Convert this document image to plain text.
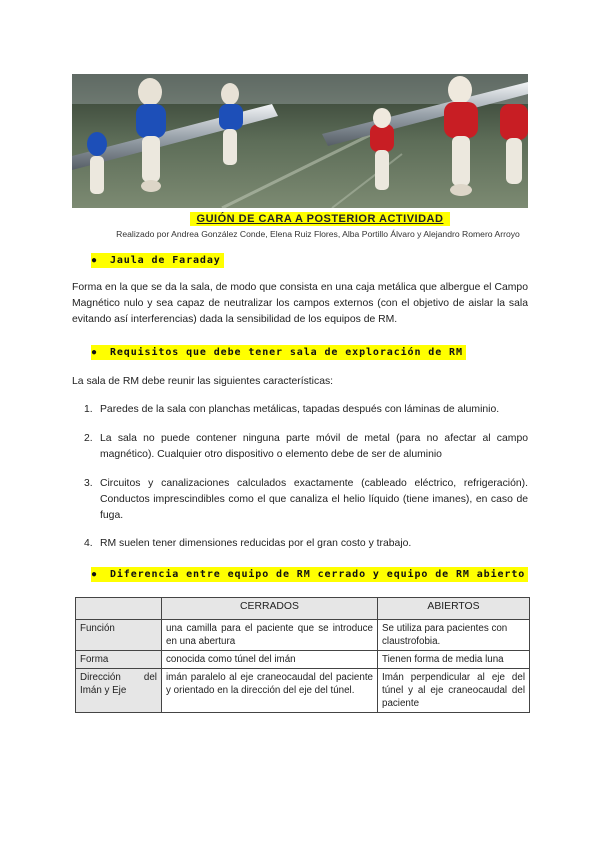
GUIÓN DE CARA A POSTERIOR ACTIVIDAD
Realizado por Andrea González Conde, Elena Ruiz Flores, Alba Portillo Álvaro y Alejandro Romero Arroyo
● Jaula de Faraday
Forma en la que se da la sala, de modo que consista en una caja metálica que albergue el Campo Magnético nulo y sea capaz de neutralizar los campos externos (con el objetivo de aislar la sala evitando así interferencias) dada la sensibilidad de los equipos de RM.
● Requisitos que debe tener sala de exploración de RM
La sala de RM debe reunir las siguientes características:
1. Paredes de la sala con planchas metálicas, tapadas después con láminas de aluminio.
2. La sala no puede contener ninguna parte móvil de metal (para no afectar al campo magnético). Cualquier otro dispositivo o elemento debe de ser de aluminio
3. Circuitos y canalizaciones calculados exactamente (cableado eléctrico, refrigeración). Conductos imprescindibles como el que canaliza el helio líquido (tiene imanes), en caso de fuga.
4. RM suelen tener dimensiones reducidas por el gran costo y trabajo.
● Diferencia entre equipo de RM cerrado y equipo de RM abierto
	CERRADOS	ABIERTOS
Función	una camilla para el paciente que se introduce en una abertura	Se utiliza para pacientes con claustrofobia.
Forma	conocida como túnel del imán	Tienen forma de media luna
Dirección del Imán y Eje	imán paralelo al eje craneocaudal del paciente y orientado en la dirección del eje del túnel.	Imán perpendicular al eje del túnel y al eje craneocaudal del paciente
